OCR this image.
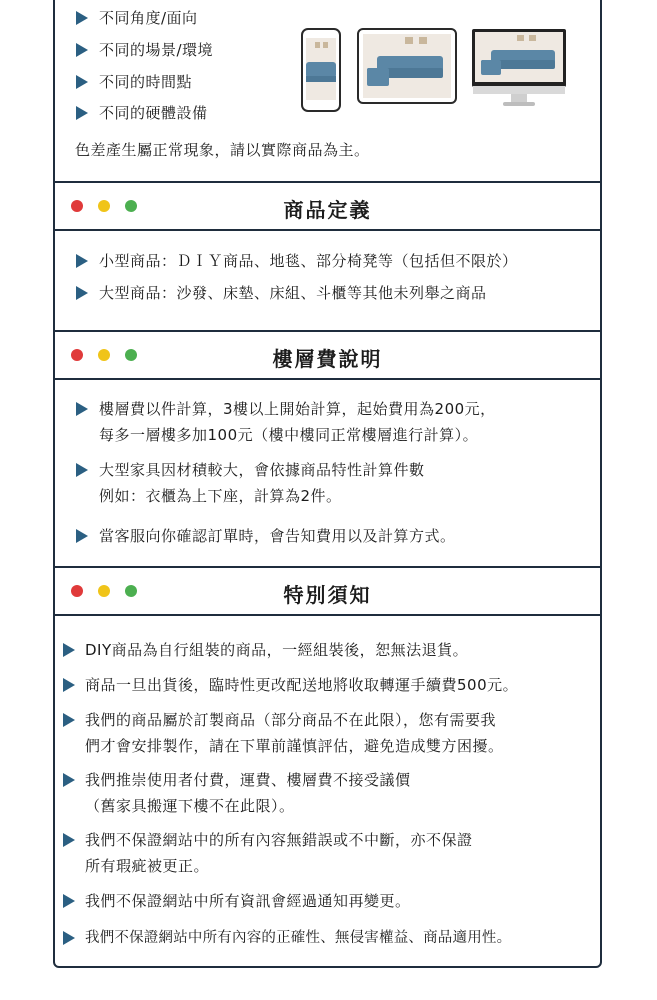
不同角度/面向
不同的場景/環境
不同的時間點
不同的硬體設備
色差產生屬正常現象，請以實際商品為主。
商品定義
小型商品：ＤＩＹ商品、地毯、部分椅凳等（包括但不限於）
大型商品：沙發、床墊、床組、斗櫃等其他未列舉之商品
樓層費說明
樓層費以件計算，3樓以上開始計算，起始費用為200元，
每多一層樓多加100元（樓中樓同正常樓層進行計算）。
大型家具因材積較大，會依據商品特性計算件數
例如：衣櫃為上下座，計算為2件。
當客服向你確認訂單時，會告知費用以及計算方式。
特別須知
DIY商品為自行組裝的商品，一經組裝後，恕無法退貨。
商品一旦出貨後，臨時性更改配送地將收取轉運手續費500元。
我們的商品屬於訂製商品（部分商品不在此限），您有需要我
們才會安排製作，請在下單前謹慎評估，避免造成雙方困擾。
我們推崇使用者付費，運費、樓層費不接受議價
（舊家具搬運下樓不在此限）。
我們不保證網站中的所有內容無錯誤或不中斷，亦不保證
所有瑕疵被更正。
我們不保證網站中所有資訊會經過通知再變更。
我們不保證網站中所有內容的正確性、無侵害權益、商品適用性。
